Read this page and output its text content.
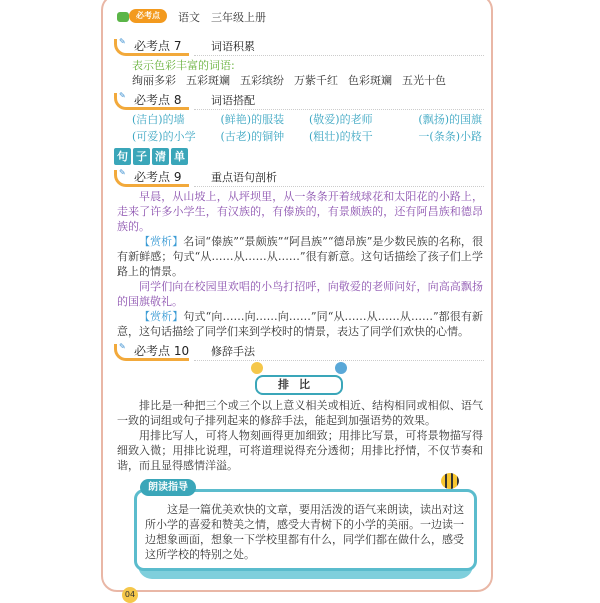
必考点	语文　三年级上册
✎ 必考点 7	词语积累
表示色彩丰富的词语:
绚丽多彩 五彩斑斓 五彩缤纷 万紫千红 色彩斑斓 五光十色
✎ 必考点 8	词语搭配
(洁白)的墙	(鲜艳)的服装	(敬爱)的老师	(飘扬)的国旗
(可爱)的小学	(古老)的铜钟	(粗壮)的枝干	一(条条)小路
句 子 清 单
✎ 必考点 9	重点语句剖析
早晨，从山坡上，从坪坝里，从一条条开着绒球花和太阳花的小路上，走来了许多小学生，有汉族的，有傣族的，有景颇族的，还有阿昌族和德昂族的。
【赏析】名词“傣族”“景颇族”“阿昌族”“德昂族”是少数民族的名称，很有新鲜感；句式“从……从……从……”很有新意。这句话描绘了孩子们上学路上的情景。
同学们向在校园里欢唱的小鸟打招呼，向敬爱的老师问好，向高高飘扬的国旗敬礼。
【赏析】句式“向……向……向……”同“从……从……从……”都很有新意，这句话描绘了同学们来到学校时的情景，表达了同学们欢快的心情。
✎ 必考点 10 修辞手法
排比
排比是一种把三个或三个以上意义相关或相近、结构相同或相似、语气一致的词组或句子排列起来的修辞手法，能起到加强语势的效果。
用排比写人，可将人物刻画得更加细致；用排比写景，可将景物描写得细致入微；用排比说理，可将道理说得充分透彻；用排比抒情，不仅节奏和谐，而且显得感情洋溢。
这是一篇优美欢快的文章，要用活泼的语气来朗读，读出对这所小学的喜爱和赞美之情，感受大青树下的小学的美丽。一边读一边想象画面，想象一下学校里都有什么，同学们都在做什么，感受这所学校的特别之处。
朗读指导
04
